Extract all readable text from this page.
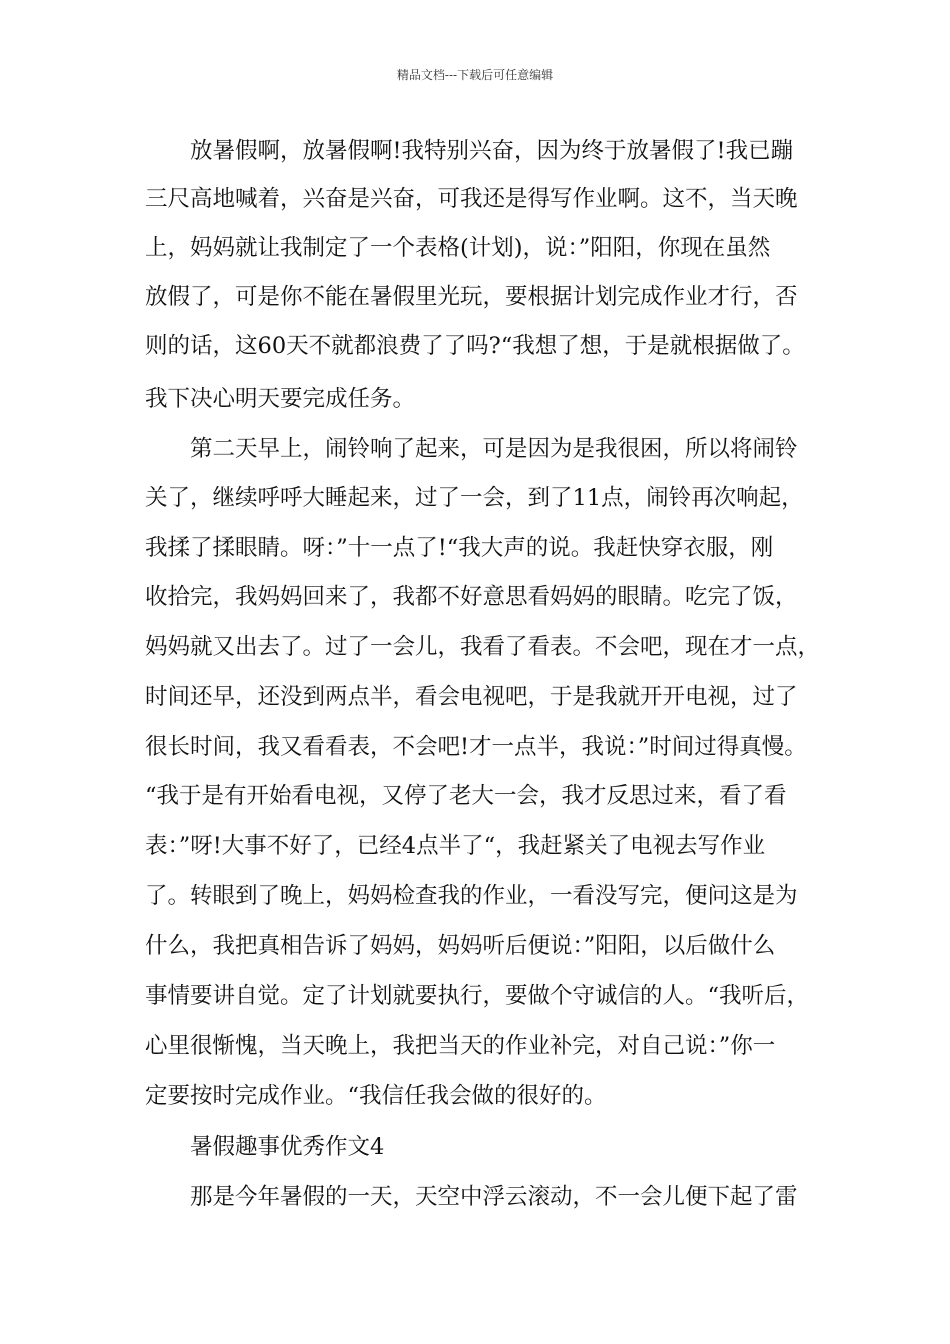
精品文档---下载后可任意编辑
放暑假啊，放暑假啊!我特别兴奋，因为终于放暑假了!我已蹦
三尺高地喊着，兴奋是兴奋，可我还是得写作业啊。这不，当天晚
上，妈妈就让我制定了一个表格(计划)，说：”阳阳，你现在虽然
放假了，可是你不能在暑假里光玩，要根据计划完成作业才行，否
则的话，这60天不就都浪费了了吗?“我想了想，于是就根据做了。
我下决心明天要完成任务。
第二天早上，闹铃响了起来，可是因为是我很困，所以将闹铃
关了，继续呼呼大睡起来，过了一会，到了11点，闹铃再次响起，
我揉了揉眼睛。呀：”十一点了!“我大声的说。我赶快穿衣服，刚
收拾完，我妈妈回来了，我都不好意思看妈妈的眼睛。吃完了饭，
妈妈就又出去了。过了一会儿，我看了看表。不会吧，现在才一点，
时间还早，还没到两点半，看会电视吧，于是我就开开电视，过了
很长时间，我又看看表，不会吧!才一点半，我说：”时间过得真慢。
“我于是有开始看电视，又停了老大一会，我才反思过来，看了看
表：”呀!大事不好了，已经4点半了“，我赶紧关了电视去写作业
了。转眼到了晚上，妈妈检查我的作业，一看没写完，便问这是为
什么，我把真相告诉了妈妈，妈妈听后便说：”阳阳，以后做什么
事情要讲自觉。定了计划就要执行，要做个守诚信的人。“我听后，
心里很惭愧，当天晚上，我把当天的作业补完，对自己说：”你一
定要按时完成作业。“我信任我会做的很好的。
暑假趣事优秀作文4
那是今年暑假的一天，天空中浮云滚动，不一会儿便下起了雷
